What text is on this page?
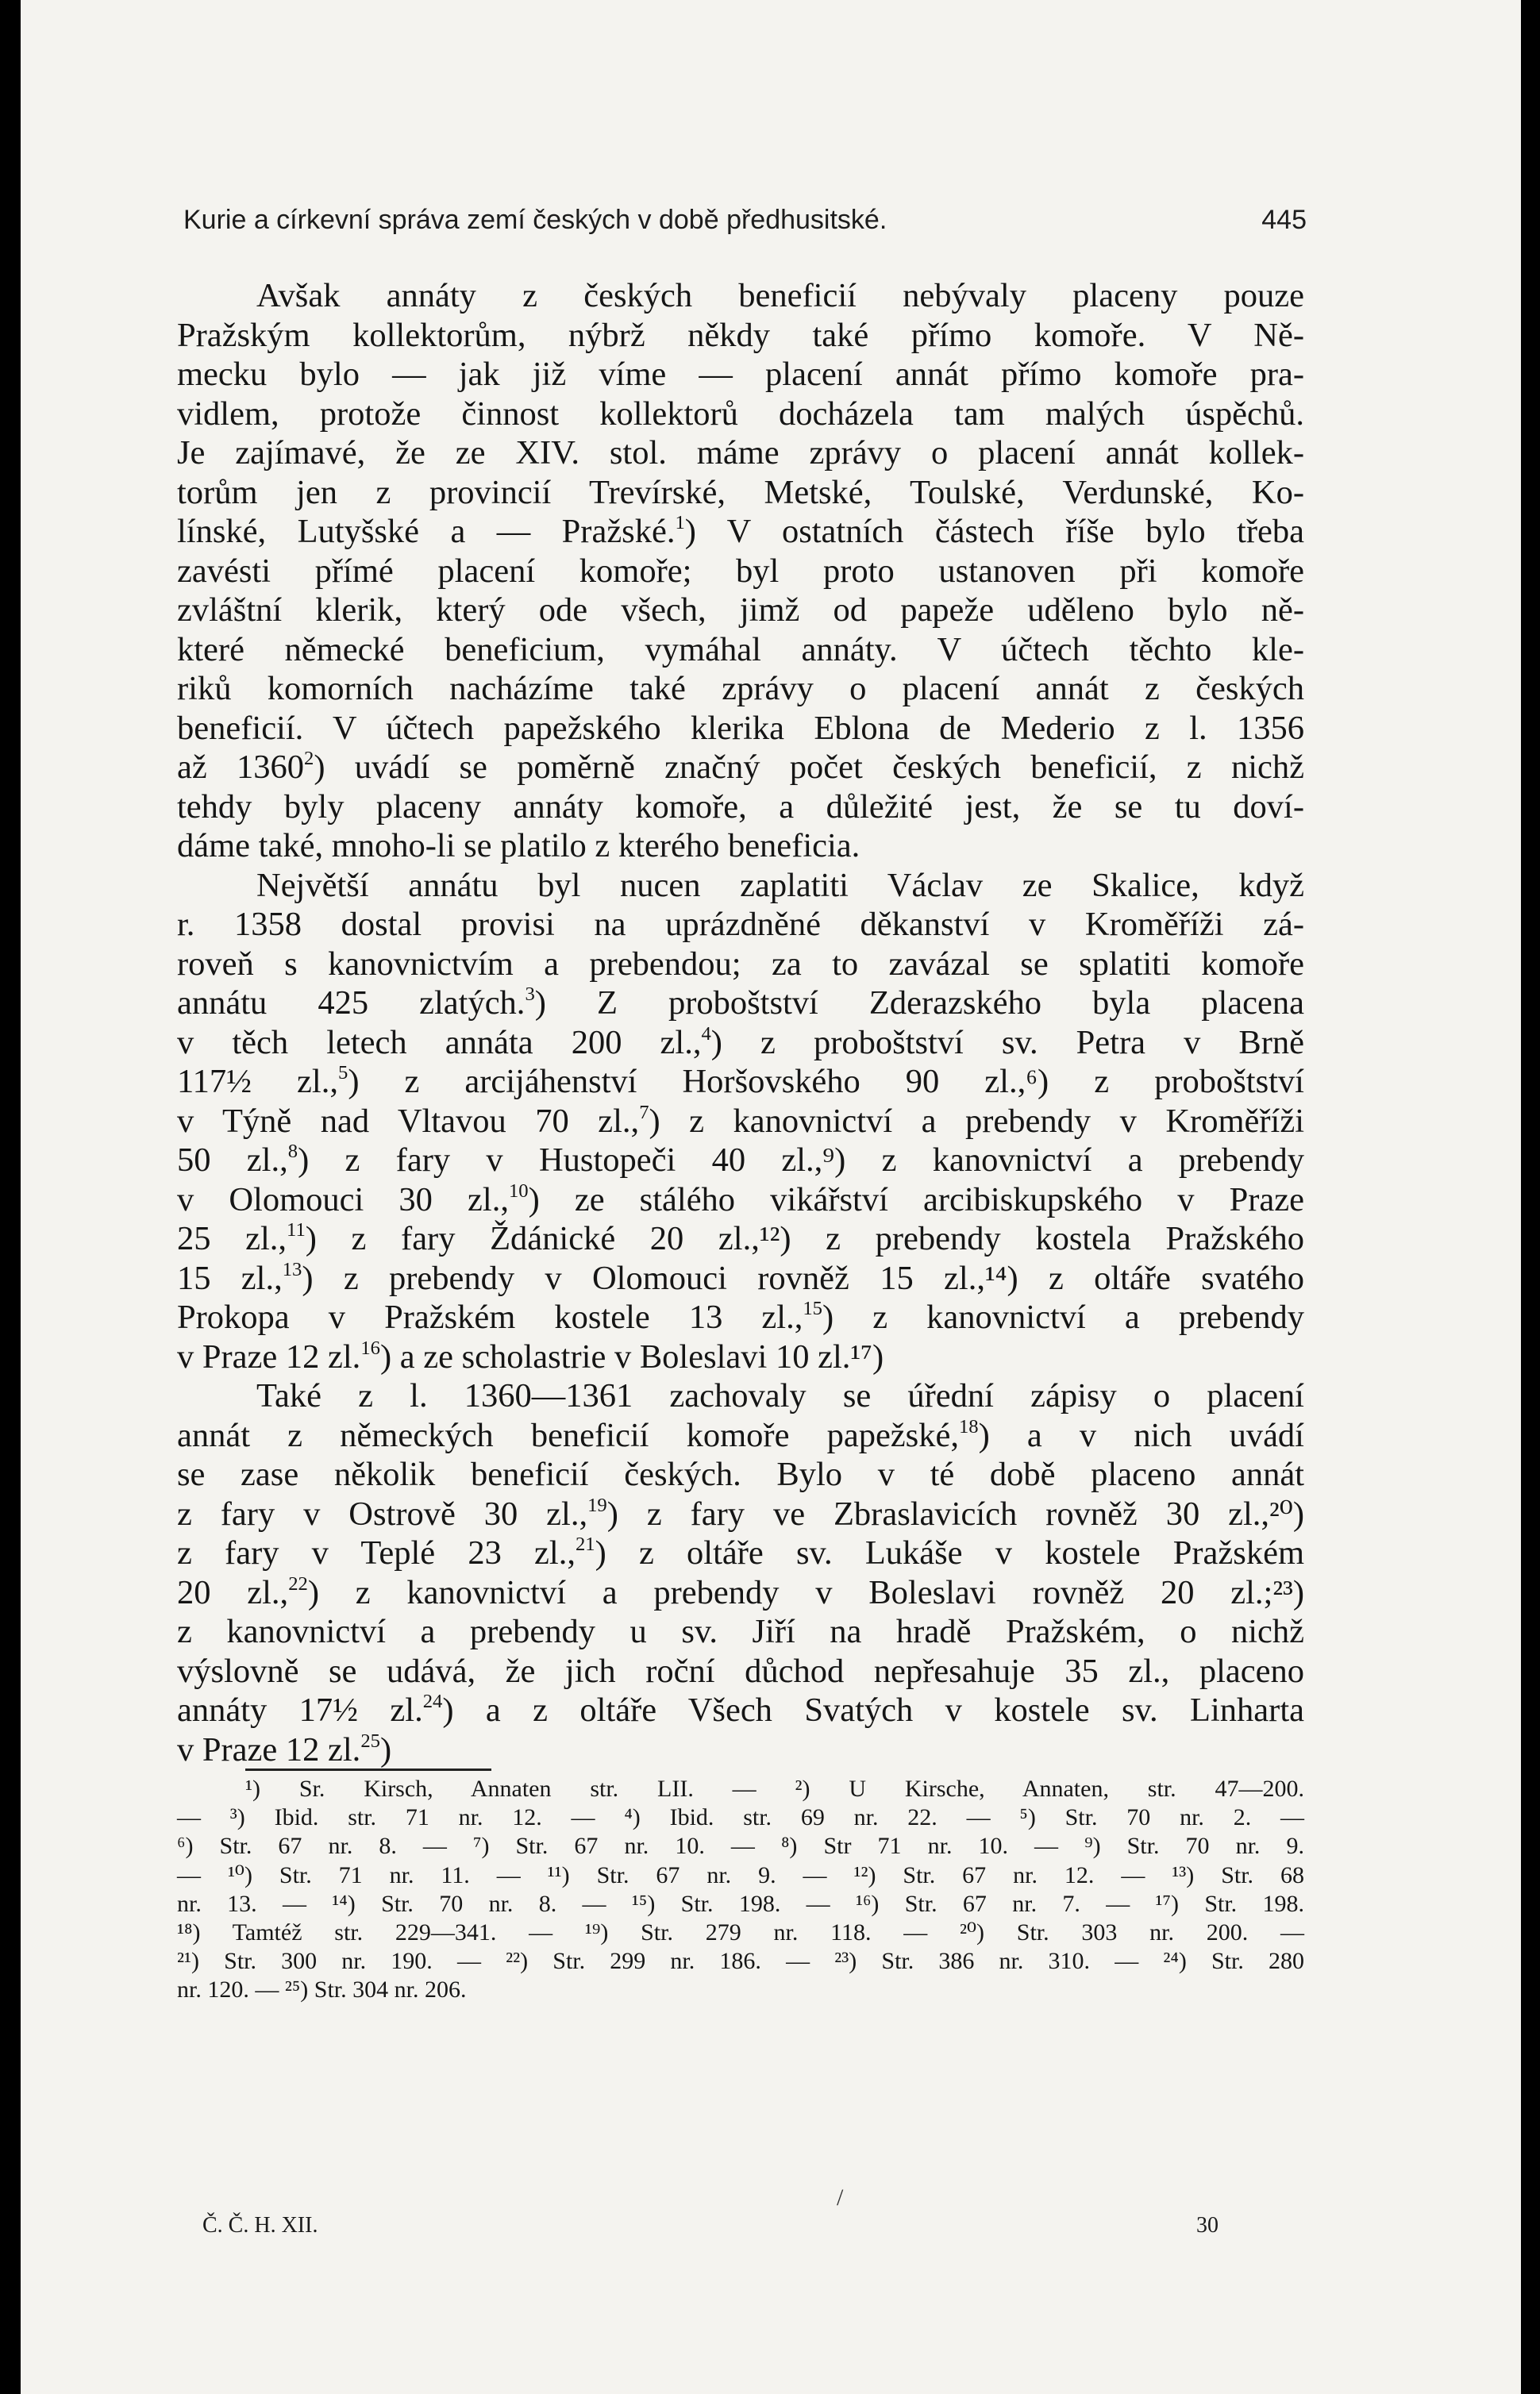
Kurie a církevní správa zemí českých v době předhusitské.	445
Avšak annáty z českých beneficií nebývaly placeny pouze
Pražským kollektorům, nýbrž někdy také přímo komoře. V Ně-
mecku bylo — jak již víme — placení annát přímo komoře pra-
vidlem, protože činnost kollektorů docházela tam malých úspěchů.
Je zajímavé, že ze XIV. stol. máme zprávy o placení annát kollek-
torům jen z provincií Trevírské, Metské, Toulské, Verdunské, Ko-
línské, Lutyšské a — Pražské.$^1$) V ostatních částech říše bylo třeba
zavésti přímé placení komoře; byl proto ustanoven při komoře
zvláštní klerik, který ode všech, jimž od papeže uděleno bylo ně-
které německé beneficium, vymáhal annáty. V účtech těchto kle-
riků komorních nacházíme také zprávy o placení annát z českých
beneficií. V účtech papežského klerika Eblona de Mederio z l. 1356
až 1360$^2$) uvádí se poměrně značný počet českých beneficií, z nichž
tehdy byly placeny annáty komoře, a důležité jest, že se tu doví-
dáme také, mnoho-li se platilo z kterého beneficia.
Největší annátu byl nucen zaplatiti Václav ze Skalice, když
r. 1358 dostal provisi na uprázdněné děkanství v Kroměříži zá-
roveň s kanovnictvím a prebendou; za to zavázal se splatiti komoře
annátu 425 zlatých.$^3$) Z proboštství Zderazského byla placena
v těch letech annáta 200 zl.,$^4$) z proboštství sv. Petra v Brně
117½ zl.,$^5$) z arcijáhenství Horšovského 90 zl.,⁶) z proboštství
v Týně nad Vltavou 70 zl.,$^7$) z kanovnictví a prebendy v Kroměříži
50 zl.,$^8$) z fary v Hustopeči 40 zl.,⁹) z kanovnictví a prebendy
v Olomouci 30 zl.,$^{10}$) ze stálého vikářství arcibiskupského v Praze
25 zl.,$^{11}$) z fary Ždánické 20 zl.,¹²) z prebendy kostela Pražského
15 zl.,$^{13}$) z prebendy v Olomouci rovněž 15 zl.,¹⁴) z oltáře svatého
Prokopa v Pražském kostele 13 zl.,$^{15}$) z kanovnictví a prebendy
v Praze 12 zl.$^{16}$) a ze scholastrie v Boleslavi 10 zl.¹⁷)
Také z l. 1360—1361 zachovaly se úřední zápisy o placení
annát z německých beneficií komoře papežské,$^{18}$) a v nich uvádí
se zase několik beneficií českých. Bylo v té době placeno annát
z fary v Ostrově 30 zl.,$^{19}$) z fary ve Zbraslavicích rovněž 30 zl.,²⁰)
z fary v Teplé 23 zl.,$^{21}$) z oltáře sv. Lukáše v kostele Pražském
20 zl.,$^{22}$) z kanovnictví a prebendy v Boleslavi rovněž 20 zl.;²³)
z kanovnictví a prebendy u sv. Jiří na hradě Pražském, o nichž
výslovně se udává, že jich roční důchod nepřesahuje 35 zl., placeno
annáty 17½ zl.$^{24}$) a z oltáře Všech Svatých v kostele sv. Linharta
v Praze 12 zl.$^{25}$)
¹) Sr. Kirsch, Annaten str. LII. — ²) U Kirsche, Annaten, str. 47—200.
— ³) Ibid. str. 71 nr. 12. — ⁴) Ibid. str. 69 nr. 22. — ⁵) Str. 70 nr. 2. —
⁶) Str. 67 nr. 8. — ⁷) Str. 67 nr. 10. — ⁸) Str 71 nr. 10. — ⁹) Str. 70 nr. 9.
— ¹⁰) Str. 71 nr. 11. — ¹¹) Str. 67 nr. 9. — ¹²) Str. 67 nr. 12. — ¹³) Str. 68
nr. 13. — ¹⁴) Str. 70 nr. 8. — ¹⁵) Str. 198. — ¹⁶) Str. 67 nr. 7. — ¹⁷) Str. 198.
¹⁸) Tamtéž str. 229—341. — ¹⁹) Str. 279 nr. 118. — ²⁰) Str. 303 nr. 200. —
²¹) Str. 300 nr. 190. — ²²) Str. 299 nr. 186. — ²³) Str. 386 nr. 310. — ²⁴) Str. 280
nr. 120. — ²⁵) Str. 304 nr. 206.
/
Č. Č. H. XII.	30
